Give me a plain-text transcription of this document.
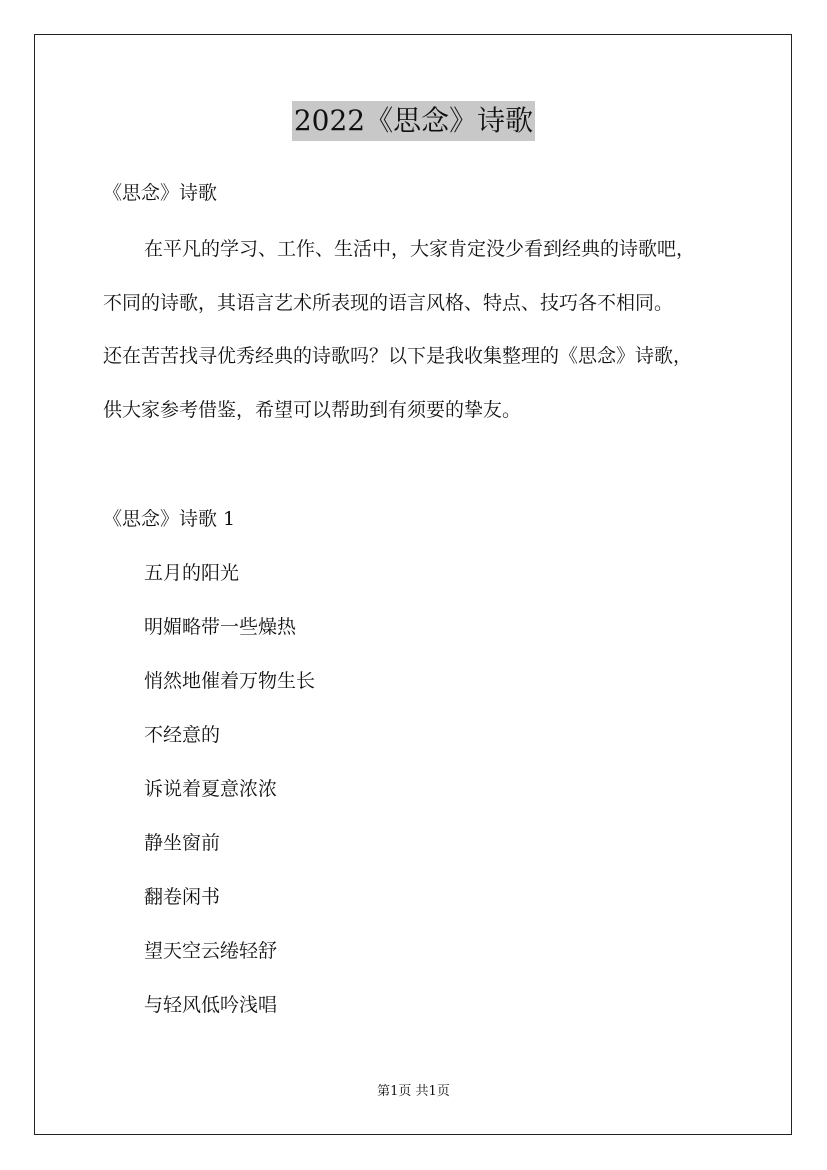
2022《思念》诗歌
《思念》诗歌
在平凡的学习、工作、生活中，大家肯定没少看到经典的诗歌吧，
不同的诗歌，其语言艺术所表现的语言风格、特点、技巧各不相同。
还在苦苦找寻优秀经典的诗歌吗？以下是我收集整理的《思念》诗歌，
供大家参考借鉴，希望可以帮助到有须要的挚友。
《思念》诗歌 1
五月的阳光
明媚略带一些燥热
悄然地催着万物生长
不经意的
诉说着夏意浓浓
静坐窗前
翻卷闲书
望天空云绻轻舒
与轻风低吟浅唱
第1页 共1页
